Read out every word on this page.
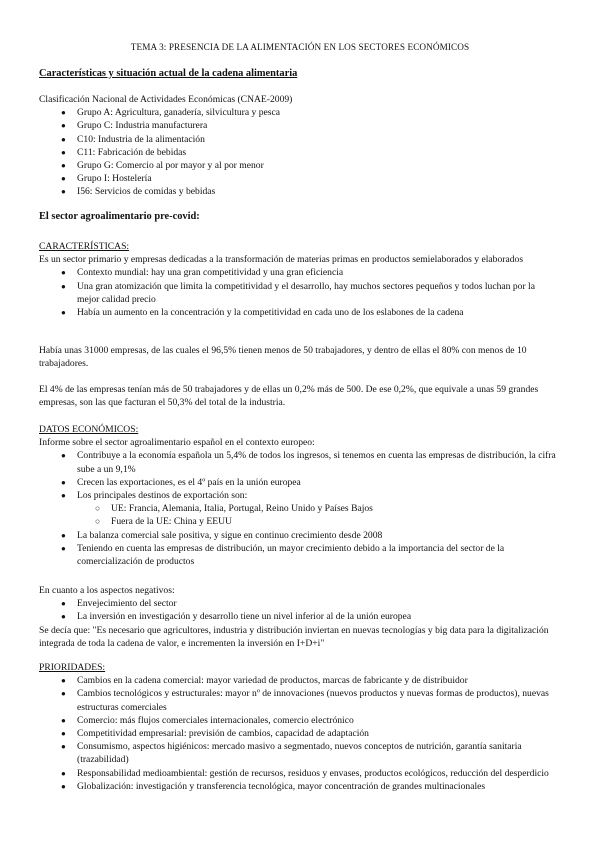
TEMA 3: PRESENCIA DE LA ALIMENTACIÓN EN LOS SECTORES ECONÓMICOS
Características y situación actual de la cadena alimentaria

Clasificación Nacional de Actividades Económicas (CNAE-2009)

● Grupo A: Agricultura, ganadería, silvicultura y pesca
● Grupo C: Industria manufacturera
● C10: Industria de la alimentación
● C11: Fabricación de bebidas
● Grupo G: Comercio al por mayor y al por menor
● Grupo I: Hostelería
● I56: Servicios de comidas y bebidas
El sector agroalimentario pre-covid:

CARACTERÍSTICAS:

Es un sector primario y empresas dedicadas a la transformación de materias primas en productos semielaborados y elaborados

● Contexto mundial: hay una gran competitividad y una gran eficiencia
● Una gran atomización que limita la competitividad y el desarrollo, hay muchos sectores pequeños y todos luchan por la mejor calidad precio
● Había un aumento en la concentración y la competitividad en cada uno de los eslabones de la cadena
Había unas 31000 empresas, de las cuales el 96,5% tienen menos de 50 trabajadores, y dentro de ellas el 80% con menos de 10 trabajadores.
El 4% de las empresas tenían más de 50 trabajadores y de ellas un 0,2% más de 500. De ese 0,2%, que equivale a unas 59 grandes empresas, son las que facturan el 50,3% del total de la industria.

DATOS ECONÓMICOS:

Informe sobre el sector agroalimentario español en el contexto europeo:

● Contribuye a la economía española un 5,4% de todos los ingresos, si tenemos en cuenta las empresas de distribución, la cifra sube a un 9,1%
● Crecen las exportaciones, es el 4º país en la unión europea
● Los principales destinos de exportación son:
○ UE: Francia, Alemania, Italia, Portugal, Reino Unido y Países Bajos
○ Fuera de la UE: China y EEUU
● La balanza comercial sale positiva, y sigue en continuo crecimiento desde 2008
● Teniendo en cuenta las empresas de distribución, un mayor crecimiento debido a la importancia del sector de la comercialización de productos

En cuanto a los aspectos negativos:

● Envejecimiento del sector
● La inversión en investigación y desarrollo tiene un nivel inferior al de la unión europea

Se decía que: "Es necesario que agricultores, industria y distribución inviertan en nuevas tecnologías y big data para la digitalización integrada de toda la cadena de valor, e incrementen la inversión en I+D+i"

PRIORIDADES:

● Cambios en la cadena comercial: mayor variedad de productos, marcas de fabricante y de distribuidor
● Cambios tecnológicos y estructurales: mayor nº de innovaciones (nuevos productos y nuevas formas de productos), nuevas estructuras comerciales
● Comercio: más flujos comerciales internacionales, comercio electrónico
● Competitividad empresarial: previsión de cambios, capacidad de adaptación
● Consumismo, aspectos higiénicos: mercado masivo a segmentado, nuevos conceptos de nutrición, garantía sanitaria (trazabilidad)
● Responsabilidad medioambiental: gestión de recursos, residuos y envases, productos ecológicos, reducción del desperdicio
● Globalización: investigación y transferencia tecnológica, mayor concentración de grandes multinacionales
